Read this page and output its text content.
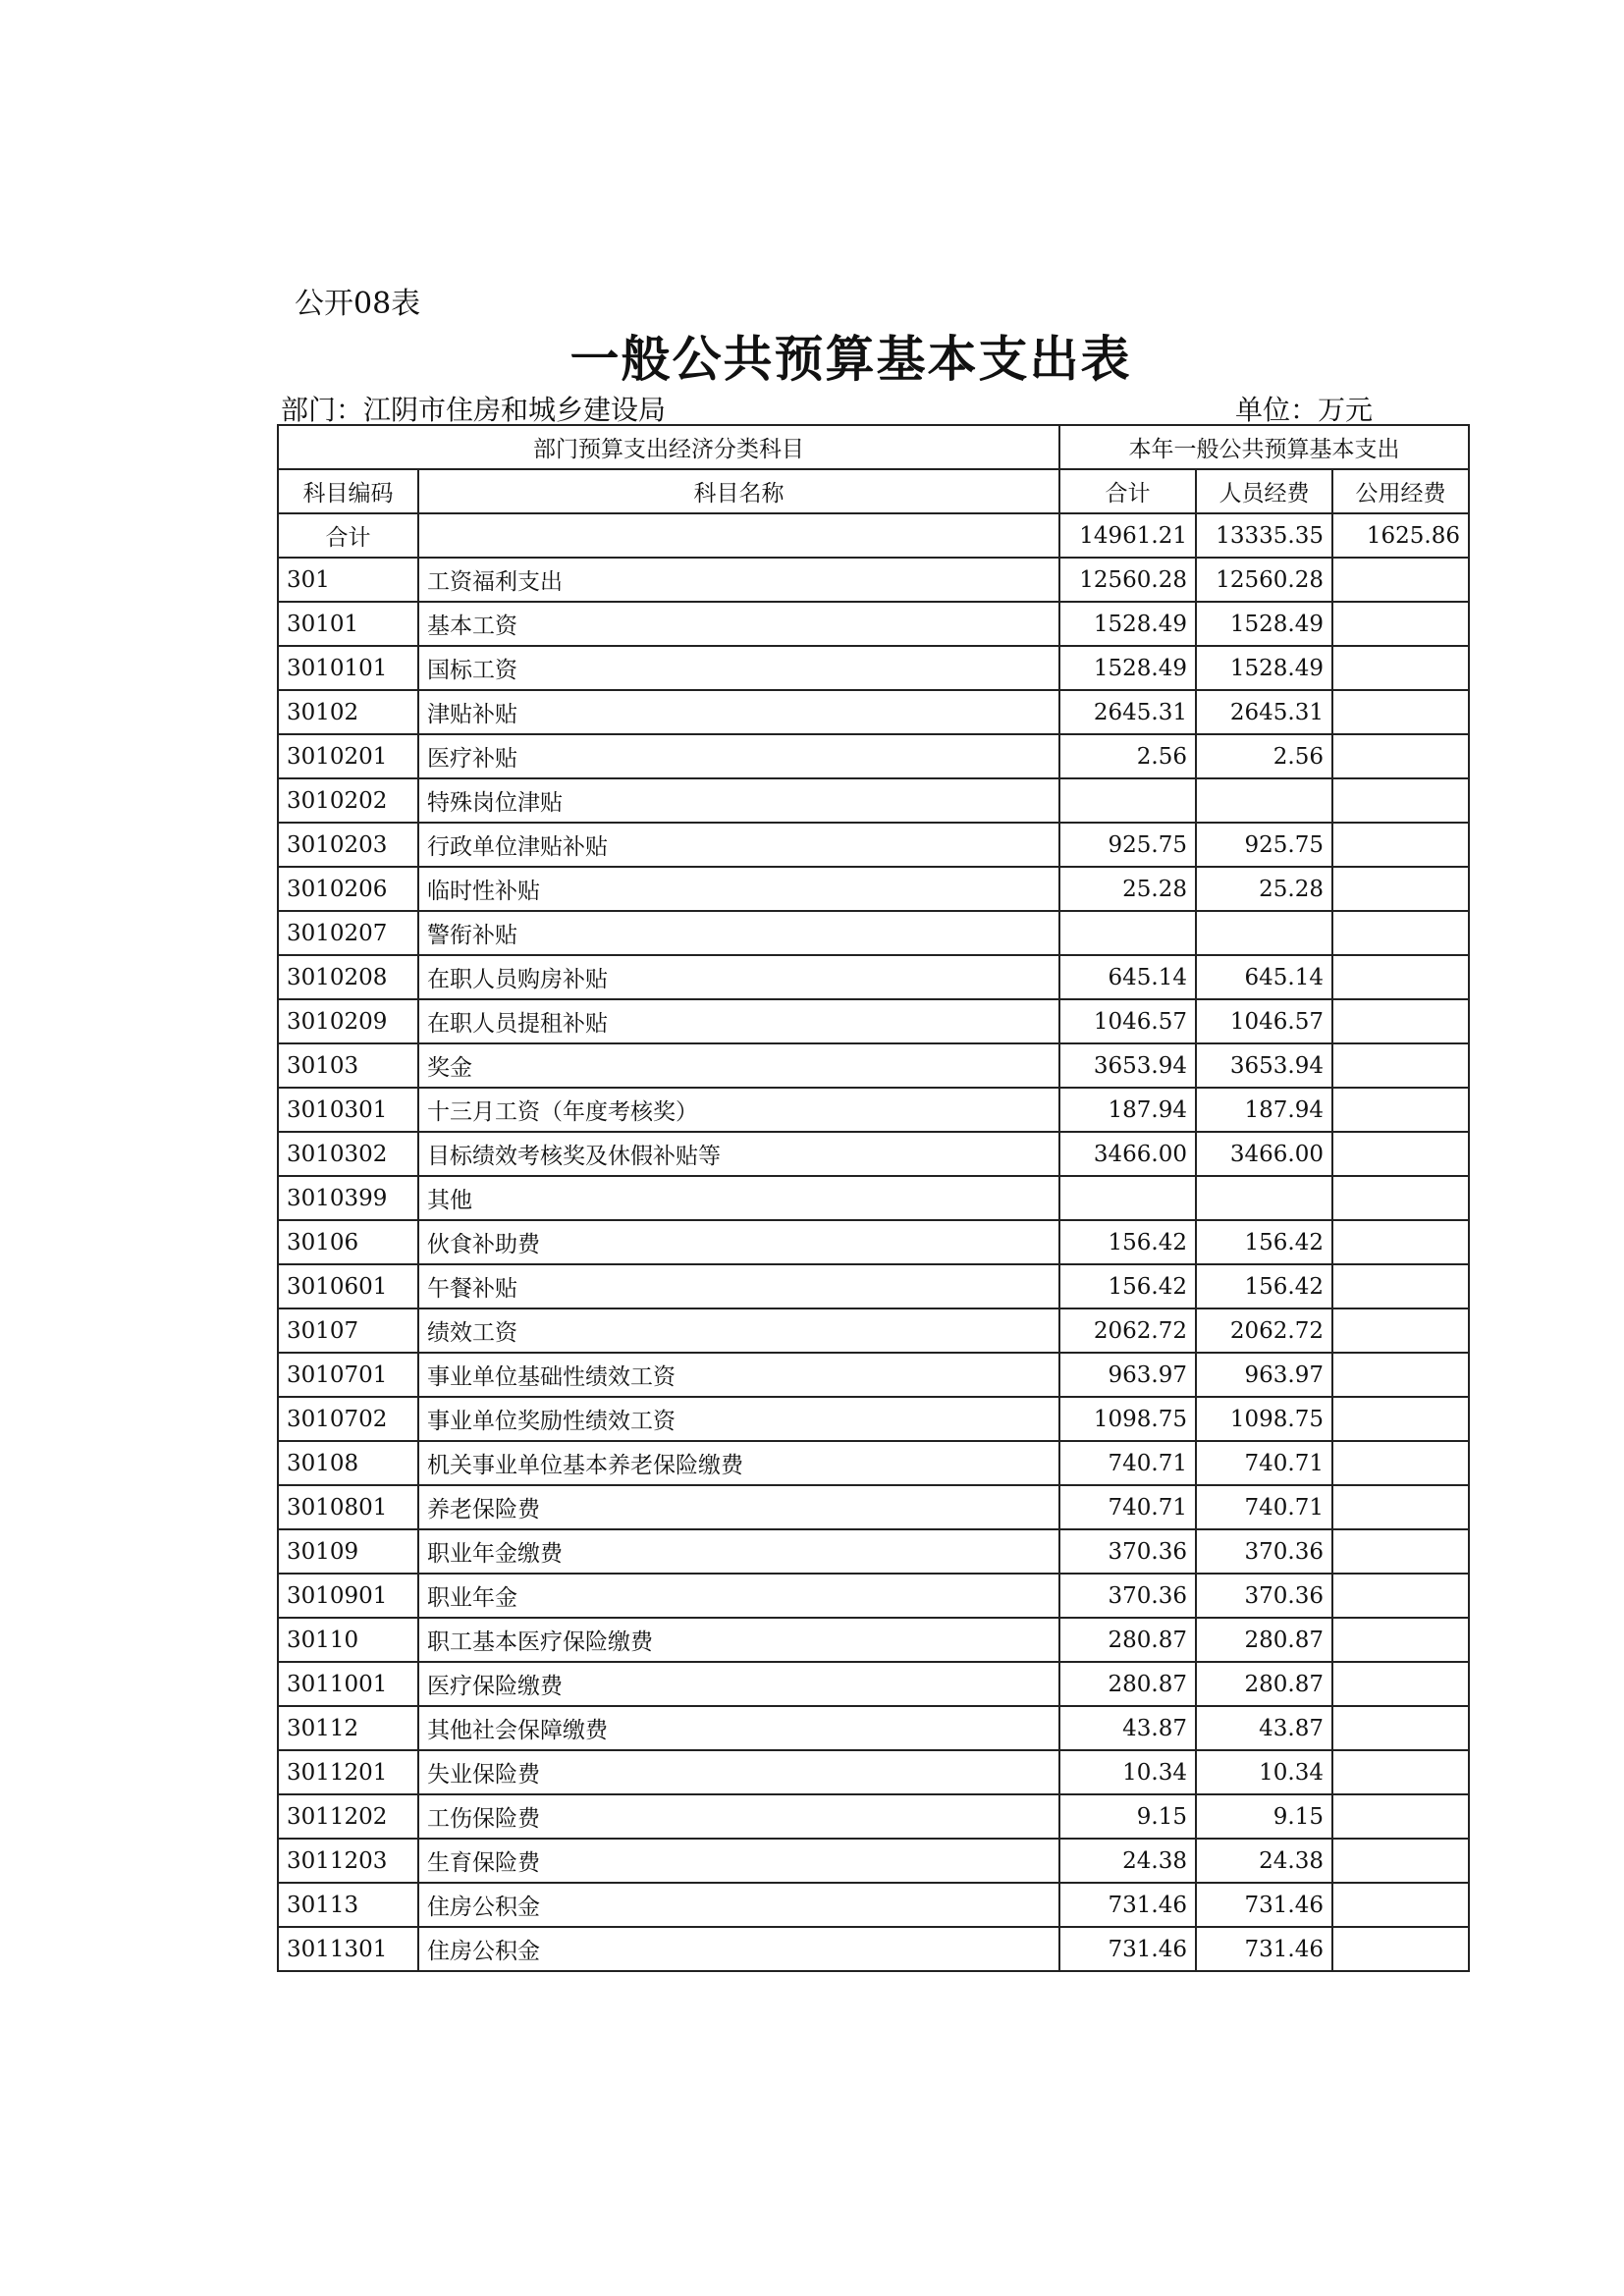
公开08表
一般公共预算基本支出表
部门：江阴市住房和城乡建设局	单位：万元
部门预算支出经济分类科目		本年一般公共预算基本支出		
科目编码	科目名称	合计	人员经费	公用经费
合计		14961.21	13335.35	1625.86
301	工资福利支出	12560.28	12560.28	
30101	基本工资	1528.49	1528.49	
3010101	国标工资	1528.49	1528.49	
30102	津贴补贴	2645.31	2645.31	
3010201	医疗补贴	2.56	2.56	
3010202	特殊岗位津贴			
3010203	行政单位津贴补贴	925.75	925.75	
3010206	临时性补贴	25.28	25.28	
3010207	警衔补贴			
3010208	在职人员购房补贴	645.14	645.14	
3010209	在职人员提租补贴	1046.57	1046.57	
30103	奖金	3653.94	3653.94	
3010301	十三月工资（年度考核奖）	187.94	187.94	
3010302	目标绩效考核奖及休假补贴等	3466.00	3466.00	
3010399	其他			
30106	伙食补助费	156.42	156.42	
3010601	午餐补贴	156.42	156.42	
30107	绩效工资	2062.72	2062.72	
3010701	事业单位基础性绩效工资	963.97	963.97	
3010702	事业单位奖励性绩效工资	1098.75	1098.75	
30108	机关事业单位基本养老保险缴费	740.71	740.71	
3010801	养老保险费	740.71	740.71	
30109	职业年金缴费	370.36	370.36	
3010901	职业年金	370.36	370.36	
30110	职工基本医疗保险缴费	280.87	280.87	
3011001	医疗保险缴费	280.87	280.87	
30112	其他社会保障缴费	43.87	43.87	
3011201	失业保险费	10.34	10.34	
3011202	工伤保险费	9.15	9.15	
3011203	生育保险费	24.38	24.38	
30113	住房公积金	731.46	731.46	
3011301	住房公积金	731.46	731.46	
